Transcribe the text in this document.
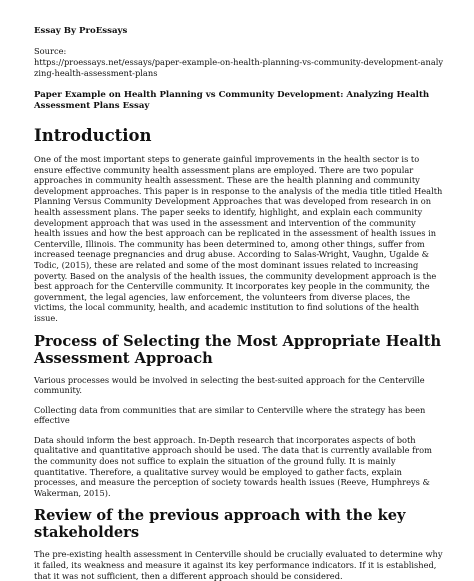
Essay By ProEssays
Source:
https://proessays.net/essays/paper-example-on-health-planning-vs-community-development-analyzing-health-assessment-plans
Paper Example on Health Planning vs Community Development: Analyzing Health Assessment Plans Essay
Introduction

One of the most important steps to generate gainful improvements in the health sector is to ensure effective community health assessment plans are employed. There are two popular approaches in community health assessment. These are the health planning and community development approaches. This paper is in response to the analysis of the media title titled Health Planning Versus Community Development Approaches that was developed from research in on health assessment plans. The paper seeks to identify, highlight, and explain each community development approach that was used in the assessment and intervention of the community health issues and how the best approach can be replicated in the assessment of health issues in Centerville, Illinois. The community has been determined to, among other things, suffer from increased teenage pregnancies and drug abuse. According to Salas-Wright, Vaughn, Ugalde & Todic, (2015), these are related and some of the most dominant issues related to increasing poverty. Based on the analysis of the health issues, the community development approach is the best approach for the Centerville community. It incorporates key people in the community, the government, the legal agencies, law enforcement, the volunteers from diverse places, the victims, the local community, health, and academic institution to find solutions of the health issue.

Process of Selecting the Most Appropriate Health Assessment Approach

Various processes would be involved in selecting the best-suited approach for the Centerville community.

Collecting data from communities that are similar to Centerville where the strategy has been effective

Data should inform the best approach. In-Depth research that incorporates aspects of both qualitative and quantitative approach should be used. The data that is currently available from the community does not suffice to explain the situation of the ground fully. It is mainly quantitative. Therefore, a qualitative survey would be employed to gather facts, explain processes, and measure the perception of society towards health issues (Reeve, Humphreys & Wakerman, 2015).

Review of the previous approach with the key stakeholders

The pre-existing health assessment in Centerville should be crucially evaluated to determine why it failed, its weakness and measure it against its key performance indicators. If it is established, that it was not sufficient, then a different approach should be considered.
